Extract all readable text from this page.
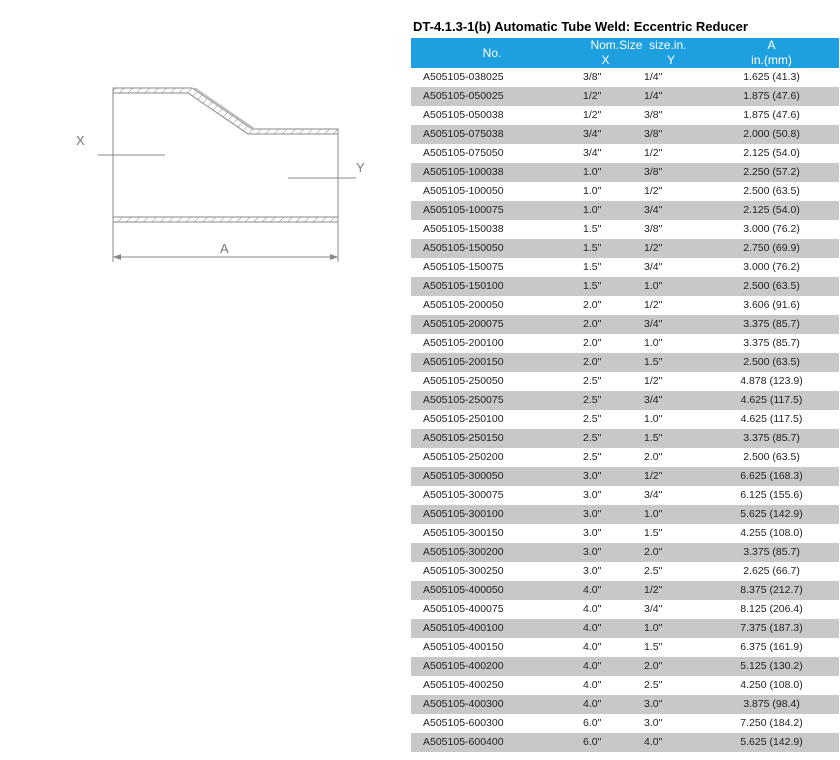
X
Y
A
DT-4.1.3-1(b) Automatic Tube Weld: Eccentric Reducer
No.	Nom.Size size.in.		A
	X	Y	in.(mm)
A505105-038025	3/8"	1/4"	1.625 (41.3)
A505105-050025	1/2"	1/4"	1.875 (47.6)
A505105-050038	1/2"	3/8"	1.875 (47.6)
A505105-075038	3/4"	3/8"	2.000 (50.8)
A505105-075050	3/4"	1/2"	2.125 (54.0)
A505105-100038	1.0"	3/8"	2.250 (57.2)
A505105-100050	1.0"	1/2"	2.500 (63.5)
A505105-100075	1.0"	3/4"	2.125 (54.0)
A505105-150038	1.5"	3/8"	3.000 (76.2)
A505105-150050	1.5"	1/2"	2.750 (69.9)
A505105-150075	1.5"	3/4"	3.000 (76.2)
A505105-150100	1.5"	1.0"	2.500 (63.5)
A505105-200050	2.0"	1/2"	3.606 (91.6)
A505105-200075	2.0"	3/4"	3.375 (85.7)
A505105-200100	2.0"	1.0"	3.375 (85.7)
A505105-200150	2.0"	1.5"	2.500 (63.5)
A505105-250050	2.5"	1/2"	4.878 (123.9)
A505105-250075	2.5"	3/4"	4.625 (117.5)
A505105-250100	2.5"	1.0"	4.625 (117.5)
A505105-250150	2.5"	1.5"	3.375 (85.7)
A505105-250200	2.5"	2.0"	2.500 (63.5)
A505105-300050	3.0"	1/2"	6.625 (168.3)
A505105-300075	3.0"	3/4"	6.125 (155.6)
A505105-300100	3.0"	1.0"	5.625 (142.9)
A505105-300150	3.0"	1.5"	4.255 (108.0)
A505105-300200	3.0"	2.0"	3.375 (85.7)
A505105-300250	3.0"	2.5"	2.625 (66.7)
A505105-400050	4.0"	1/2"	8.375 (212.7)
A505105-400075	4.0"	3/4"	8.125 (206.4)
A505105-400100	4.0"	1.0"	7.375 (187.3)
A505105-400150	4.0"	1.5"	6.375 (161.9)
A505105-400200	4.0"	2.0"	5.125 (130.2)
A505105-400250	4.0"	2.5"	4.250 (108.0)
A505105-400300	4.0"	3.0"	3.875 (98.4)
A505105-600300	6.0"	3.0"	7.250 (184.2)
A505105-600400	6.0"	4.0"	5.625 (142.9)
